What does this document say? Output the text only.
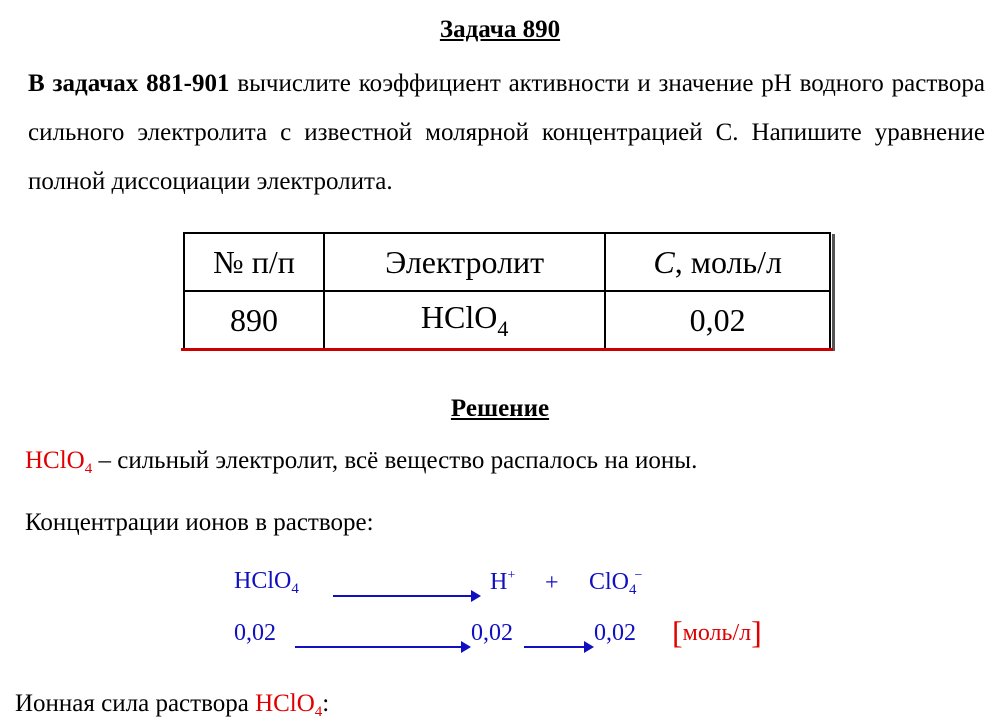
Задача 890
В задачах 881-901 вычислите коэффициент активности и значение pH водного раствора сильного электролита с известной молярной концентрацией С. Напишите уравнение полной диссоциации электролита.
№ п/п	Электролит	C, моль/л
890	HClO$_4$	0,02
Решение
HClO$_4$ – сильный электролит, всё вещество распалось на ионы.
Концентрации ионов в растворе:
HClO$_4$	H+ + ClO$_4$−
0,02	0,02	0,02 [моль/л]
Ионная сила раствора HClO$_4$:
